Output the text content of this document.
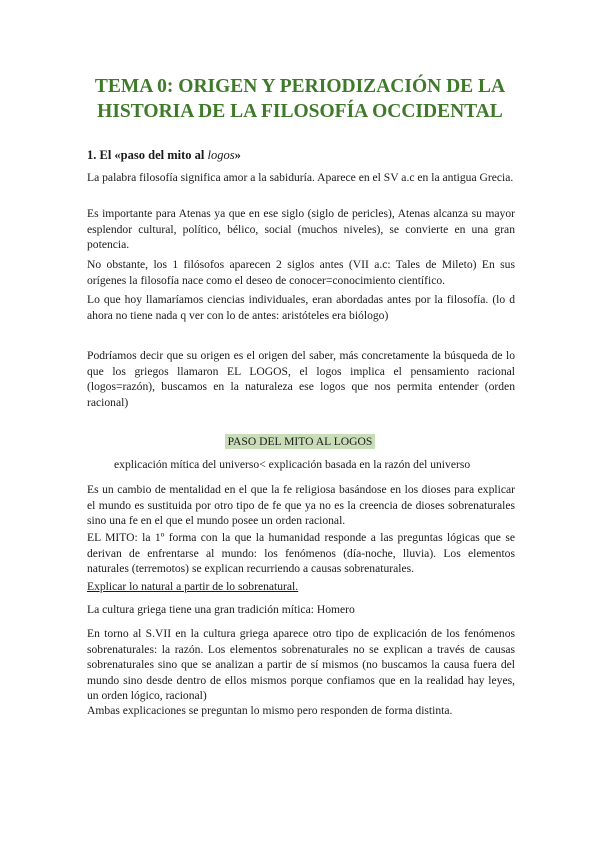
TEMA 0: ORIGEN Y PERIODIZACIÓN DE LA HISTORIA DE LA FILOSOFÍA OCCIDENTAL

1. El «paso del mito al logos»

La palabra filosofía significa amor a la sabiduría. Aparece en el SV a.c en la antigua Grecia.

Es importante para Atenas ya que en ese siglo (siglo de pericles), Atenas alcanza su mayor esplendor cultural, político, bélico, social (muchos niveles), se convierte en una gran potencia.

No obstante, los 1 filósofos aparecen 2 siglos antes (VII a.c: Tales de Mileto) En sus orígenes la filosofía nace como el deseo de conocer=conocimiento científico.

Lo que hoy llamaríamos ciencias individuales, eran abordadas antes por la filosofía. (lo d ahora no tiene nada q ver con lo de antes: aristóteles era biólogo)

Podríamos decir que su origen es el origen del saber, más concretamente la búsqueda de lo que los griegos llamaron EL LOGOS, el logos implica el pensamiento racional (logos=razón), buscamos en la naturaleza ese logos que nos permita entender (orden racional)

PASO DEL MITO AL LOGOS

explicación mítica del universo< explicación basada en la razón del universo

Es un cambio de mentalidad en el que la fe religiosa basándose en los dioses para explicar el mundo es sustituida por otro tipo de fe que ya no es la creencia de dioses sobrenaturales sino una fe en el que el mundo posee un orden racional.

EL MITO: la 1º forma con la que la humanidad responde a las preguntas lógicas que se derivan de enfrentarse al mundo: los fenómenos (día-noche, lluvia). Los elementos naturales (terremotos) se explican recurriendo a causas sobrenaturales.

Explicar lo natural a partir de lo sobrenatural.

La cultura griega tiene una gran tradición mítica: Homero

En torno al S.VII en la cultura griega aparece otro tipo de explicación de los fenómenos sobrenaturales: la razón. Los elementos sobrenaturales no se explican a través de causas sobrenaturales sino que se analizan a partir de sí mismos (no buscamos la causa fuera del mundo sino desde dentro de ellos mismos porque confiamos que en la realidad hay leyes, un orden lógico, racional)

Ambas explicaciones se preguntan lo mismo pero responden de forma distinta.
